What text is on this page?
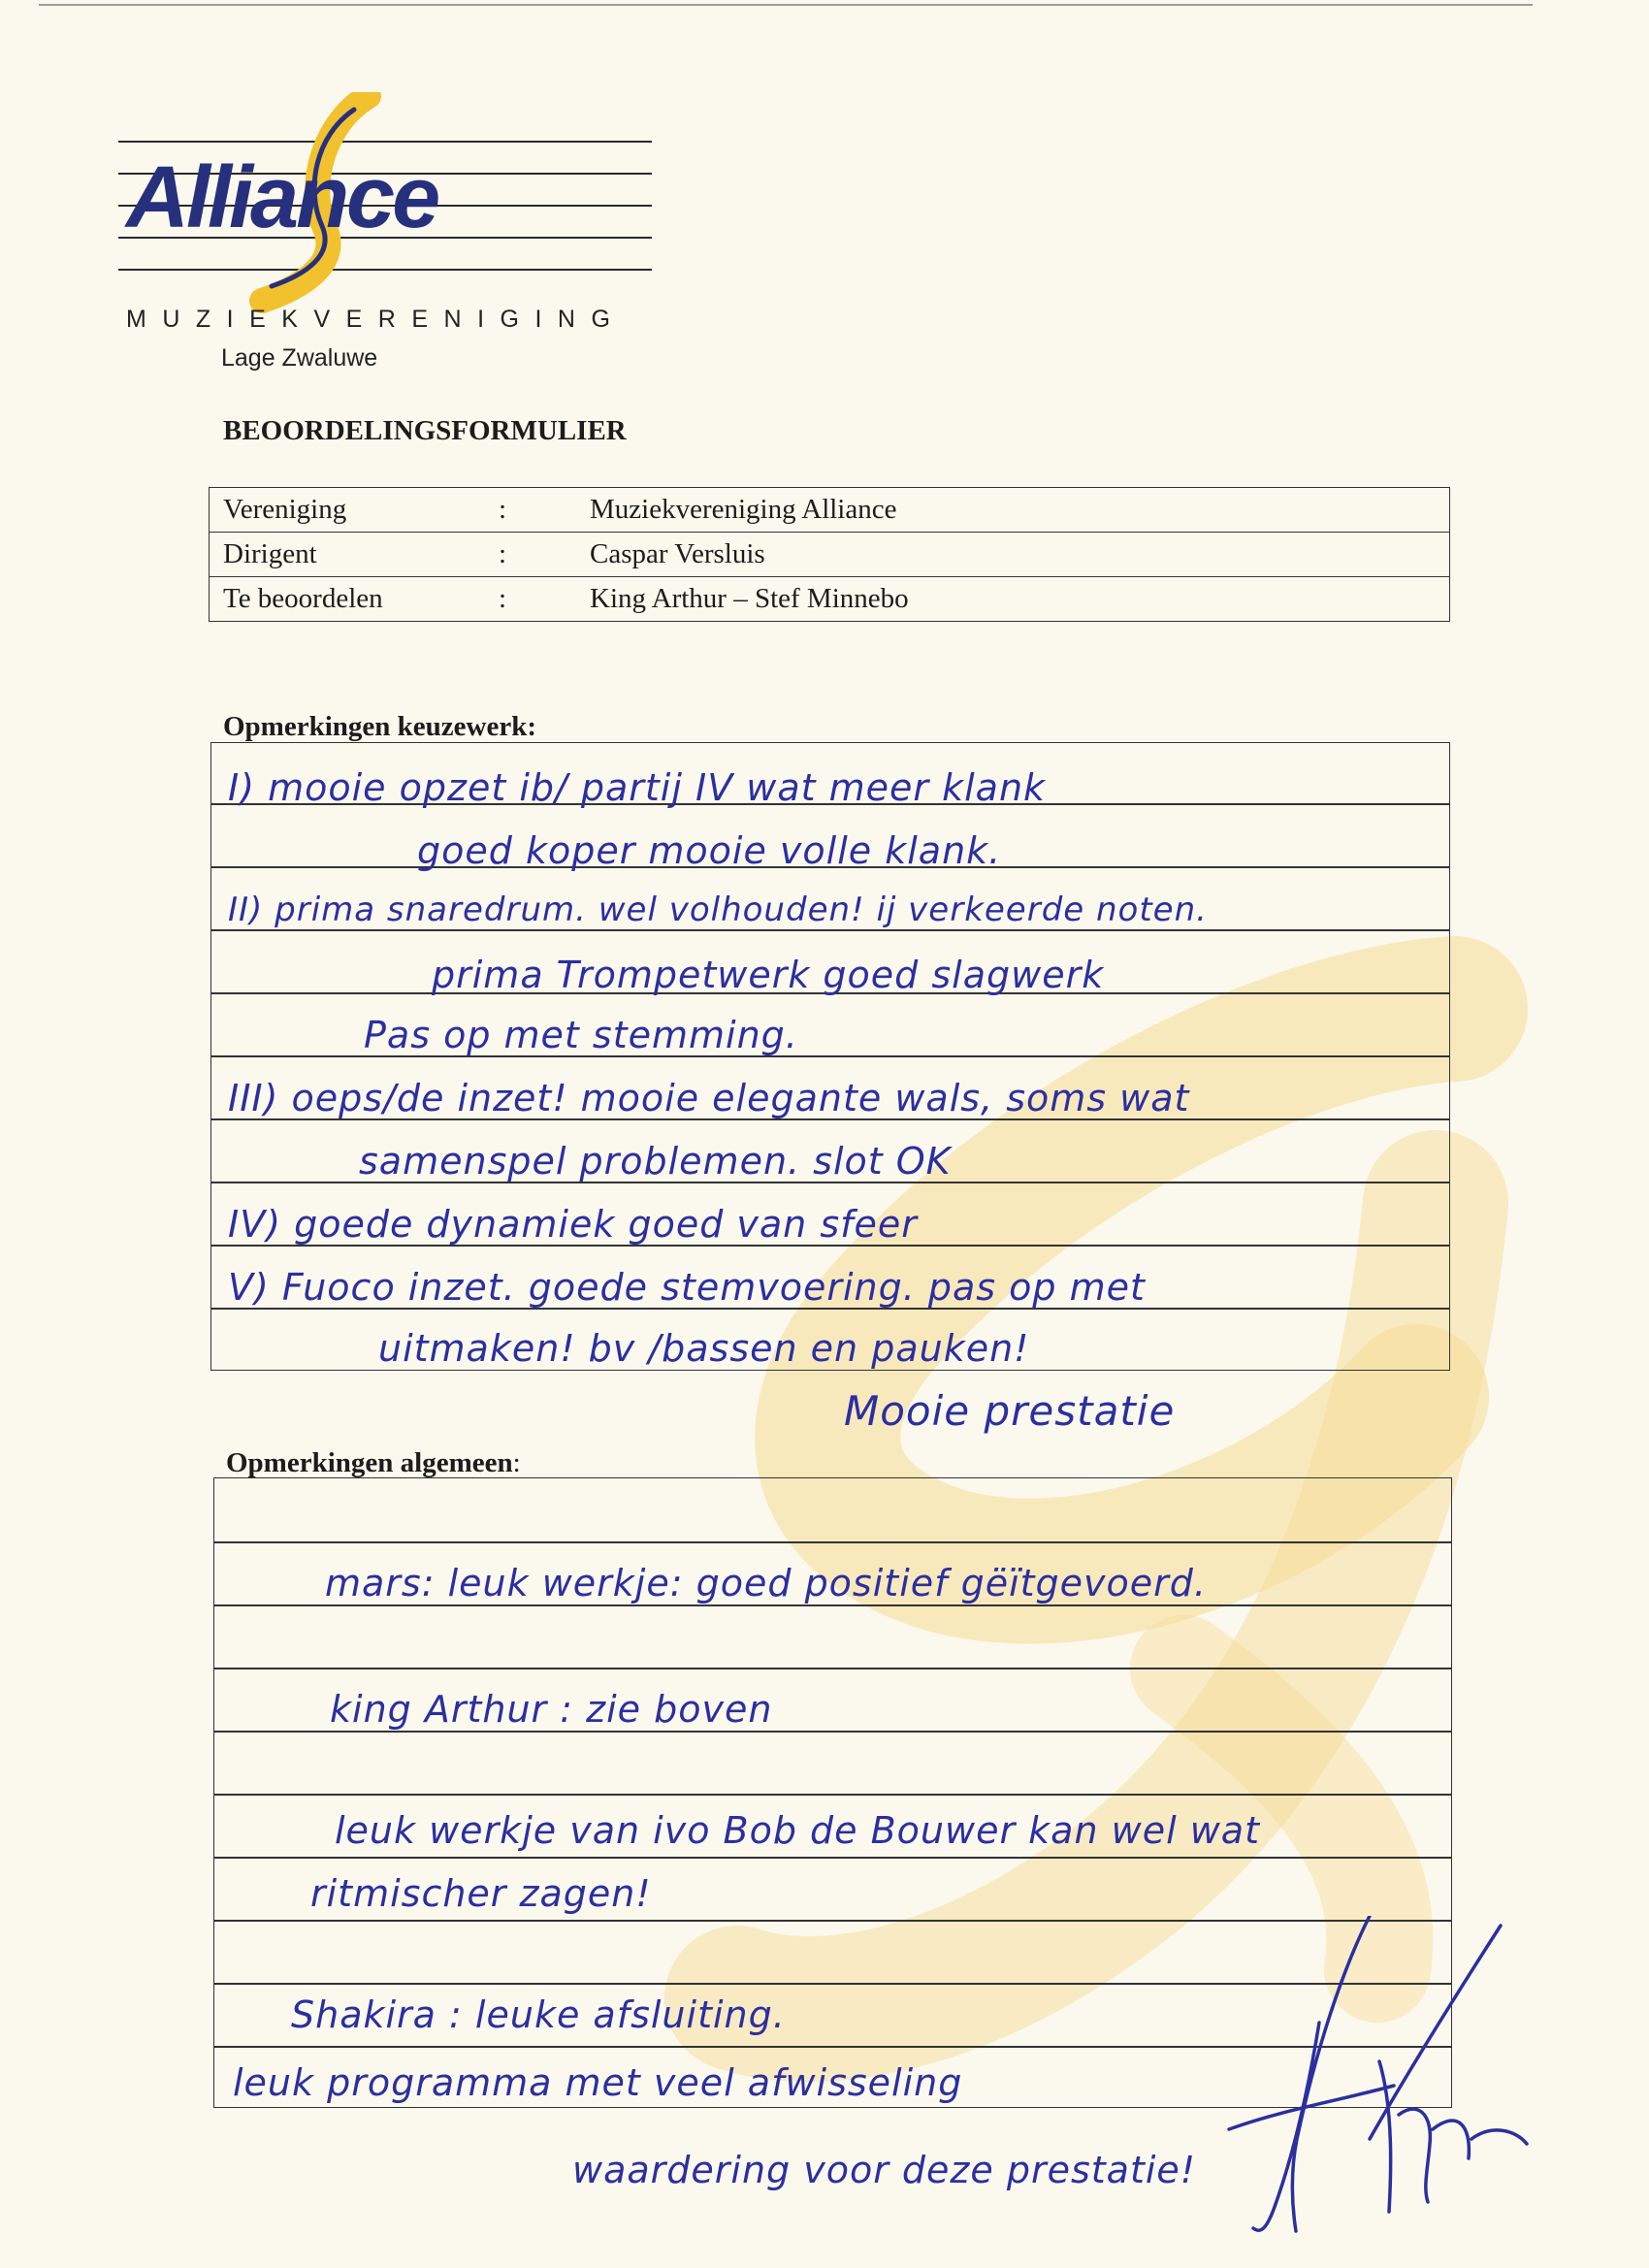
Alliance

MUZIEKVERENIGING

Lage Zwaluwe

BEOORDELINGSFORMULIER
Vereniging	:	Muziekvereniging Alliance
Dirigent	:	Caspar Versluis
Te beoordelen	:	King Arthur – Stef Minnebo
Opmerkingen keuzewerk:

I) mooie opzet ib/ partij IV wat meer klank

goed koper mooie volle klank.

II) prima snaredrum. wel volhouden! ij verkeerde noten.

prima Trompetwerk goed slagwerk

Pas op met stemming.

III) oeps/de inzet! mooie elegante wals, soms wat

samenspel problemen. slot OK

IV) goede dynamiek goed van sfeer

V) Fuoco inzet. goede stemvoering. pas op met

uitmaken! bv /bassen en pauken!

Mooie prestatie

Opmerkingen algemeen:

mars: leuk werkje: goed positief gëïtgevoerd.

king Arthur : zie boven

leuk werkje van ivo Bob de Bouwer kan wel wat

ritmischer zagen!

Shakira : leuke afsluiting.

leuk programma met veel afwisseling

waardering voor deze prestatie!
